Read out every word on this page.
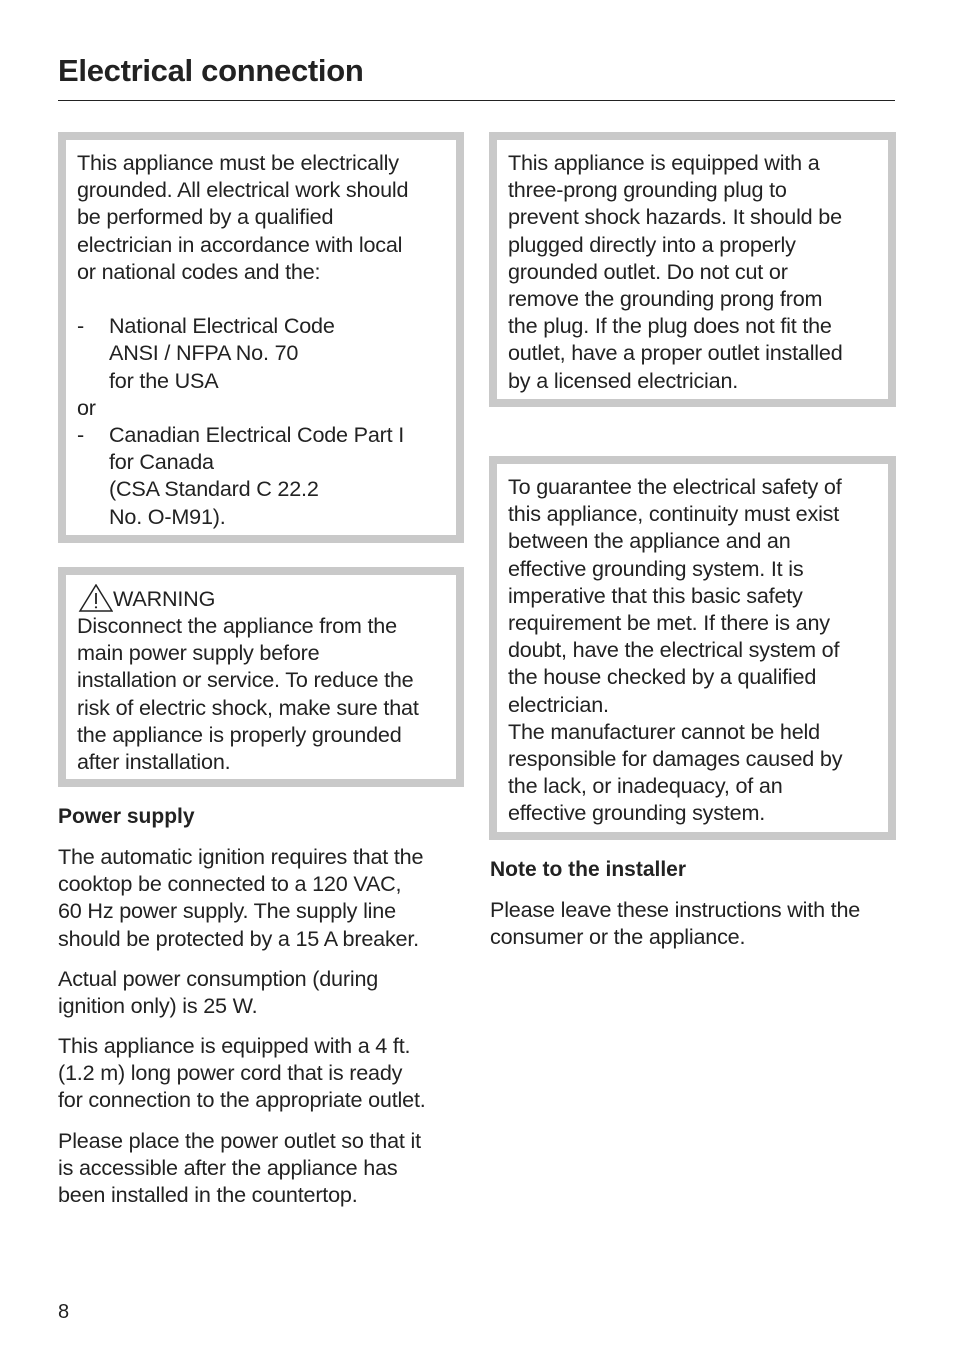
Electrical connection

This appliance must be electrically
grounded. All electrical work should
be performed by a qualified
electrician in accordance with local
or national codes and the:

-	National Electrical Code
ANSI / NFPA No. 70
for the USA

or

-	Canadian Electrical Code Part I
for Canada
(CSA Standard C 22.2
No. O-M91).
WARNING

Disconnect the appliance from the
main power supply before
installation or service. To reduce the
risk of electric shock, make sure that
the appliance is properly grounded
after installation.

Power supply

The automatic ignition requires that the
cooktop be connected to a 120 VAC,
60 Hz power supply. The supply line
should be protected by a 15 A breaker.

Actual power consumption (during
ignition only) is 25 W.

This appliance is equipped with a 4 ft.
(1.2 m) long power cord that is ready
for connection to the appropriate outlet.

Please place the power outlet so that it
is accessible after the appliance has
been installed in the countertop.

This appliance is equipped with a
three-prong grounding plug to
prevent shock hazards. It should be
plugged directly into a properly
grounded outlet. Do not cut or
remove the grounding prong from
the plug. If the plug does not fit the
outlet, have a proper outlet installed
by a licensed electrician.

To guarantee the electrical safety of
this appliance, continuity must exist
between the appliance and an
effective grounding system. It is
imperative that this basic safety
requirement be met. If there is any
doubt, have the electrical system of
the house checked by a qualified
electrician.
The manufacturer cannot be held
responsible for damages caused by
the lack, or inadequacy, of an
effective grounding system.

Note to the installer

Please leave these instructions with the
consumer or the appliance.

8
